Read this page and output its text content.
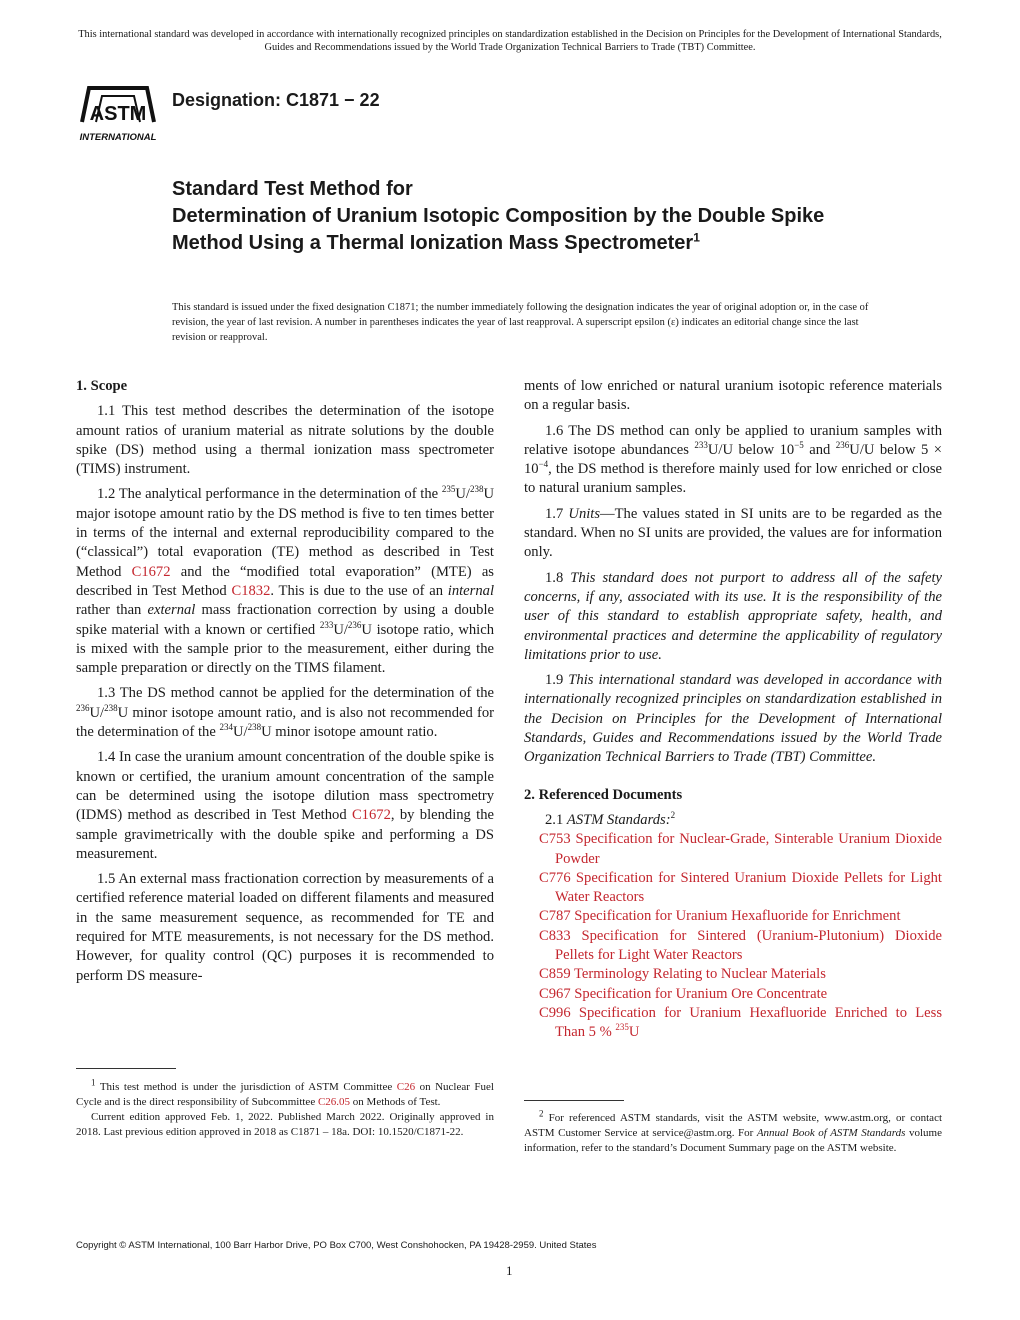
This international standard was developed in accordance with internationally recognized principles on standardization established in the Decision on Principles for the Development of International Standards, Guides and Recommendations issued by the World Trade Organization Technical Barriers to Trade (TBT) Committee.
ASTM
INTERNATIONAL
Designation: C1871 − 22
Standard Test Method for
Determination of Uranium Isotopic Composition by the Double Spike Method Using a Thermal Ionization Mass Spectrometer$^1$
This standard is issued under the fixed designation C1871; the number immediately following the designation indicates the year of original adoption or, in the case of revision, the year of last revision. A number in parentheses indicates the year of last reapproval. A superscript epsilon (ε) indicates an editorial change since the last revision or reapproval.
1. Scope

1.1 This test method describes the determination of the isotope amount ratios of uranium material as nitrate solutions by the double spike (DS) method using a thermal ionization mass spectrometer (TIMS) instrument.

1.2 The analytical performance in the determination of the $^{235}$U/$^{238}$U major isotope amount ratio by the DS method is five to ten times better in terms of the internal and external reproducibility compared to the (“classical”) total evaporation (TE) method as described in Test Method C1672 and the “modified total evaporation” (MTE) as described in Test Method C1832. This is due to the use of an internal rather than external mass fractionation correction by using a double spike material with a known or certified $^{233}$U/$^{236}$U isotope ratio, which is mixed with the sample prior to the measurement, either during the sample preparation or directly on the TIMS filament.

1.3 The DS method cannot be applied for the determination of the $^{236}$U/$^{238}$U minor isotope amount ratio, and is also not recommended for the determination of the $^{234}$U/$^{238}$U minor isotope amount ratio.

1.4 In case the uranium amount concentration of the double spike is known or certified, the uranium amount concentration of the sample can be determined using the isotope dilution mass spectrometry (IDMS) method as described in Test Method C1672, by blending the sample gravimetrically with the double spike and performing a DS measurement.

1.5 An external mass fractionation correction by measurements of a certified reference material loaded on different filaments and measured in the same measurement sequence, as recommended for TE and required for MTE measurements, is not necessary for the DS method. However, for quality control (QC) purposes it is recommended to perform DS measure-

$^1$ This test method is under the jurisdiction of ASTM Committee C26 on Nuclear Fuel Cycle and is the direct responsibility of Subcommittee C26.05 on Methods of Test.

Current edition approved Feb. 1, 2022. Published March 2022. Originally approved in 2018. Last previous edition approved in 2018 as C1871 – 18a. DOI: 10.1520/C1871-22.

ments of low enriched or natural uranium isotopic reference materials on a regular basis.

1.6 The DS method can only be applied to uranium samples with relative isotope abundances $^{233}$U/U below $10^{-5}$ and $^{236}$U/U below $5 \times 10^{-4}$, the DS method is therefore mainly used for low enriched or close to natural uranium samples.

1.7 Units—The values stated in SI units are to be regarded as the standard. When no SI units are provided, the values are for information only.

1.8 This standard does not purport to address all of the safety concerns, if any, associated with its use. It is the responsibility of the user of this standard to establish appropriate safety, health, and environmental practices and determine the applicability of regulatory limitations prior to use.

1.9 This international standard was developed in accordance with internationally recognized principles on standardization established in the Decision on Principles for the Development of International Standards, Guides and Recommendations issued by the World Trade Organization Technical Barriers to Trade (TBT) Committee.

2. Referenced Documents

2.1 ASTM Standards:$^2$

C753 Specification for Nuclear-Grade, Sinterable Uranium Dioxide Powder
C776 Specification for Sintered Uranium Dioxide Pellets for Light Water Reactors
C787 Specification for Uranium Hexafluoride for Enrichment
C833 Specification for Sintered (Uranium-Plutonium) Dioxide Pellets for Light Water Reactors
C859 Terminology Relating to Nuclear Materials
C967 Specification for Uranium Ore Concentrate
C996 Specification for Uranium Hexafluoride Enriched to Less Than 5 % $^{235}$U

$^2$ For referenced ASTM standards, visit the ASTM website, www.astm.org, or contact ASTM Customer Service at service@astm.org. For Annual Book of ASTM Standards volume information, refer to the standard’s Document Summary page on the ASTM website.

Copyright © ASTM International, 100 Barr Harbor Drive, PO Box C700, West Conshohocken, PA 19428-2959. United States
1
